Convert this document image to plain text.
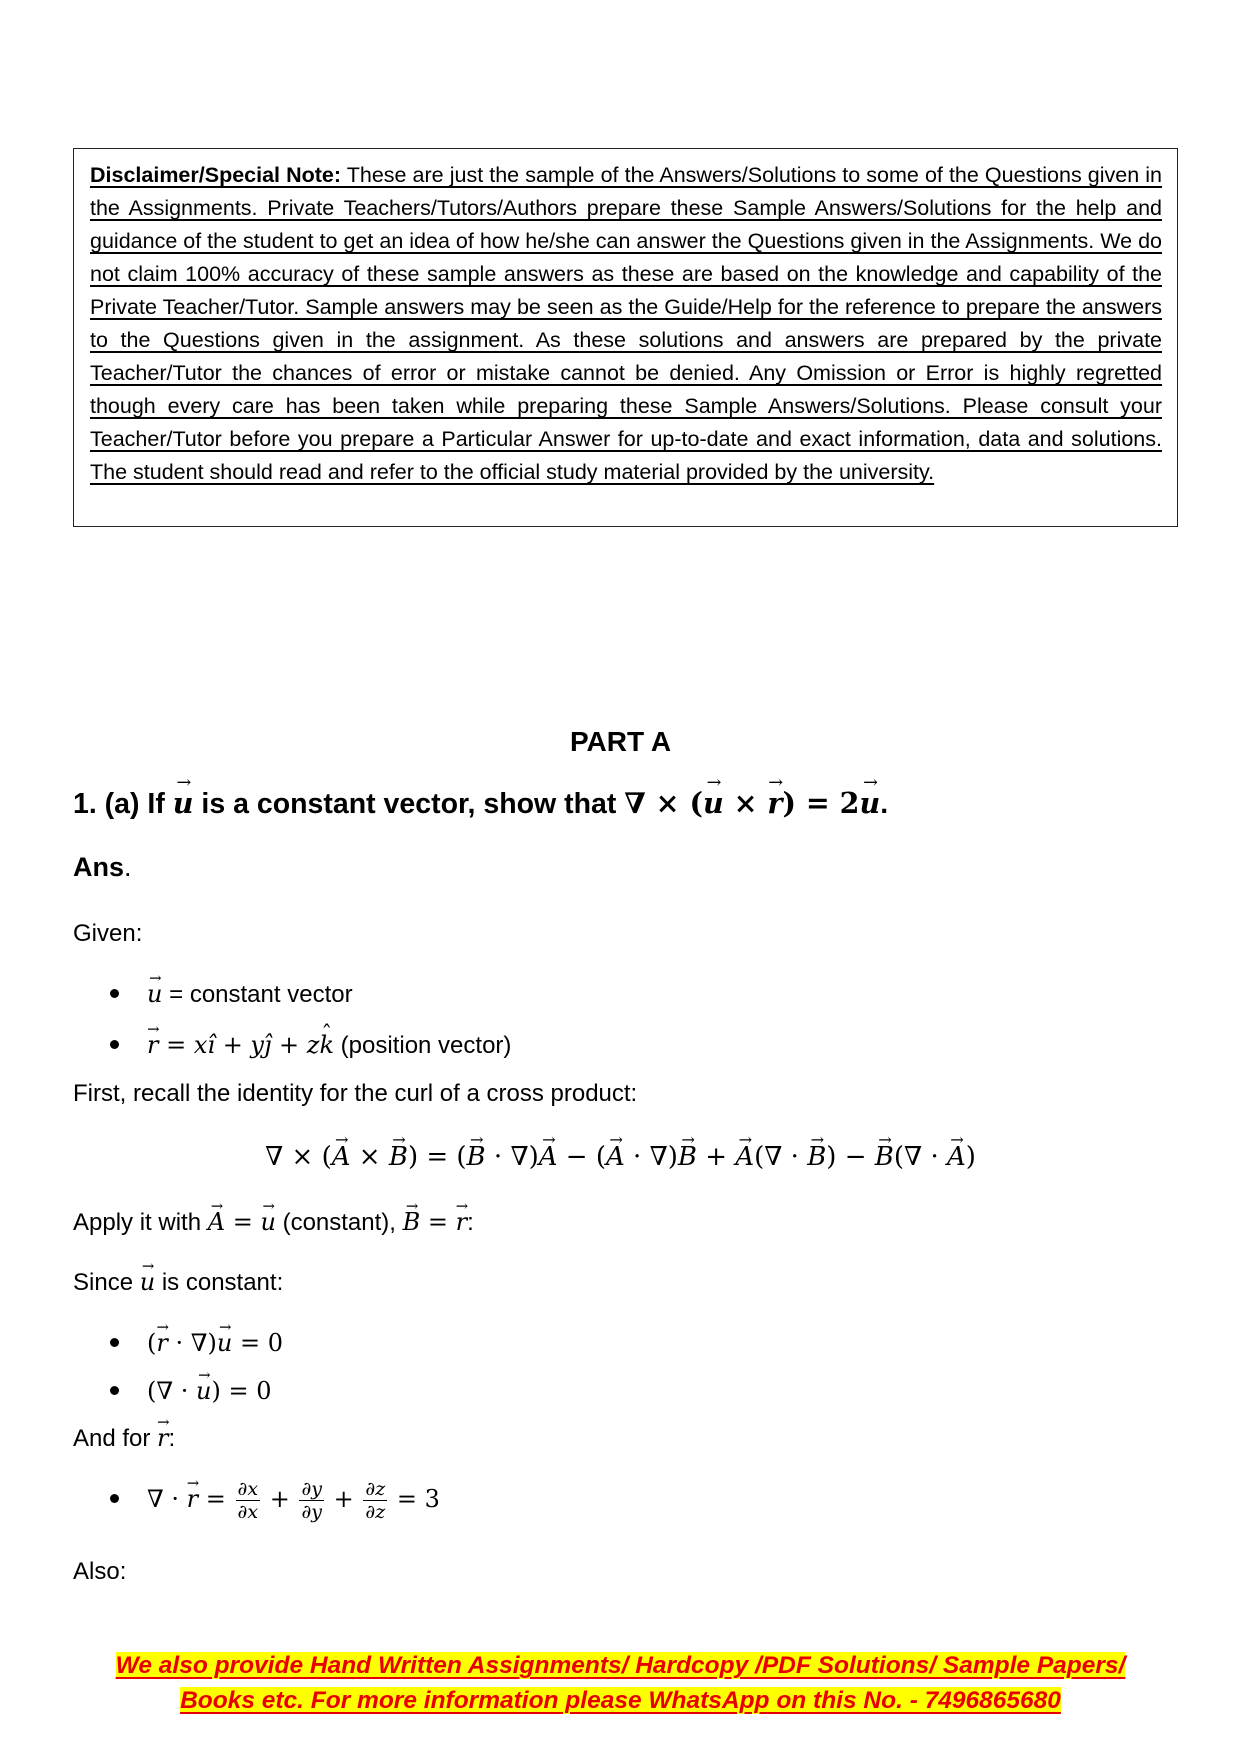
Disclaimer/Special Note: These are just the sample of the Answers/Solutions to some of the Questions given in the Assignments. Private Teachers/Tutors/Authors prepare these Sample Answers/Solutions for the help and guidance of the student to get an idea of how he/she can answer the Questions given in the Assignments. We do not claim 100% accuracy of these sample answers as these are based on the knowledge and capability of the Private Teacher/Tutor. Sample answers may be seen as the Guide/Help for the reference to prepare the answers to the Questions given in the assignment. As these solutions and answers are prepared by the private Teacher/Tutor the chances of error or mistake cannot be denied. Any Omission or Error is highly regretted though every care has been taken while preparing these Sample Answers/Solutions. Please consult your Teacher/Tutor before you prepare a Particular Answer for up-to-date and exact information, data and solutions. The student should read and refer to the official study material provided by the university.
PART A
1. (a) If → u is a constant vector, show that ∇ × (→ u × → r) = 2→ u.
Ans.
Given:
→ u = constant vector
→ r = xî + yĵ + zˆ k (position vector)
First, recall the identity for the curl of a cross product:
∇ × (→ A × → B) = (→ B · ∇)→ A − (→ A · ∇)→ B + → A(∇ · → B) − → B(∇ · → A)
Apply it with → A = → u (constant), → B = → r:
Since → u is constant:
(→ r · ∇)→ u = 0
(∇ · → u) = 0
And for → r:
∇ · → $r = \frac{\partial x}{\partial x} + \frac{\partial y}{\partial y} + \frac{\partial z}{\partial z} = 3$
Also:
We also provide Hand Written Assignments/ Hardcopy /PDF Solutions/ Sample Papers/
Books etc. For more information please WhatsApp on this No. - 7496865680
